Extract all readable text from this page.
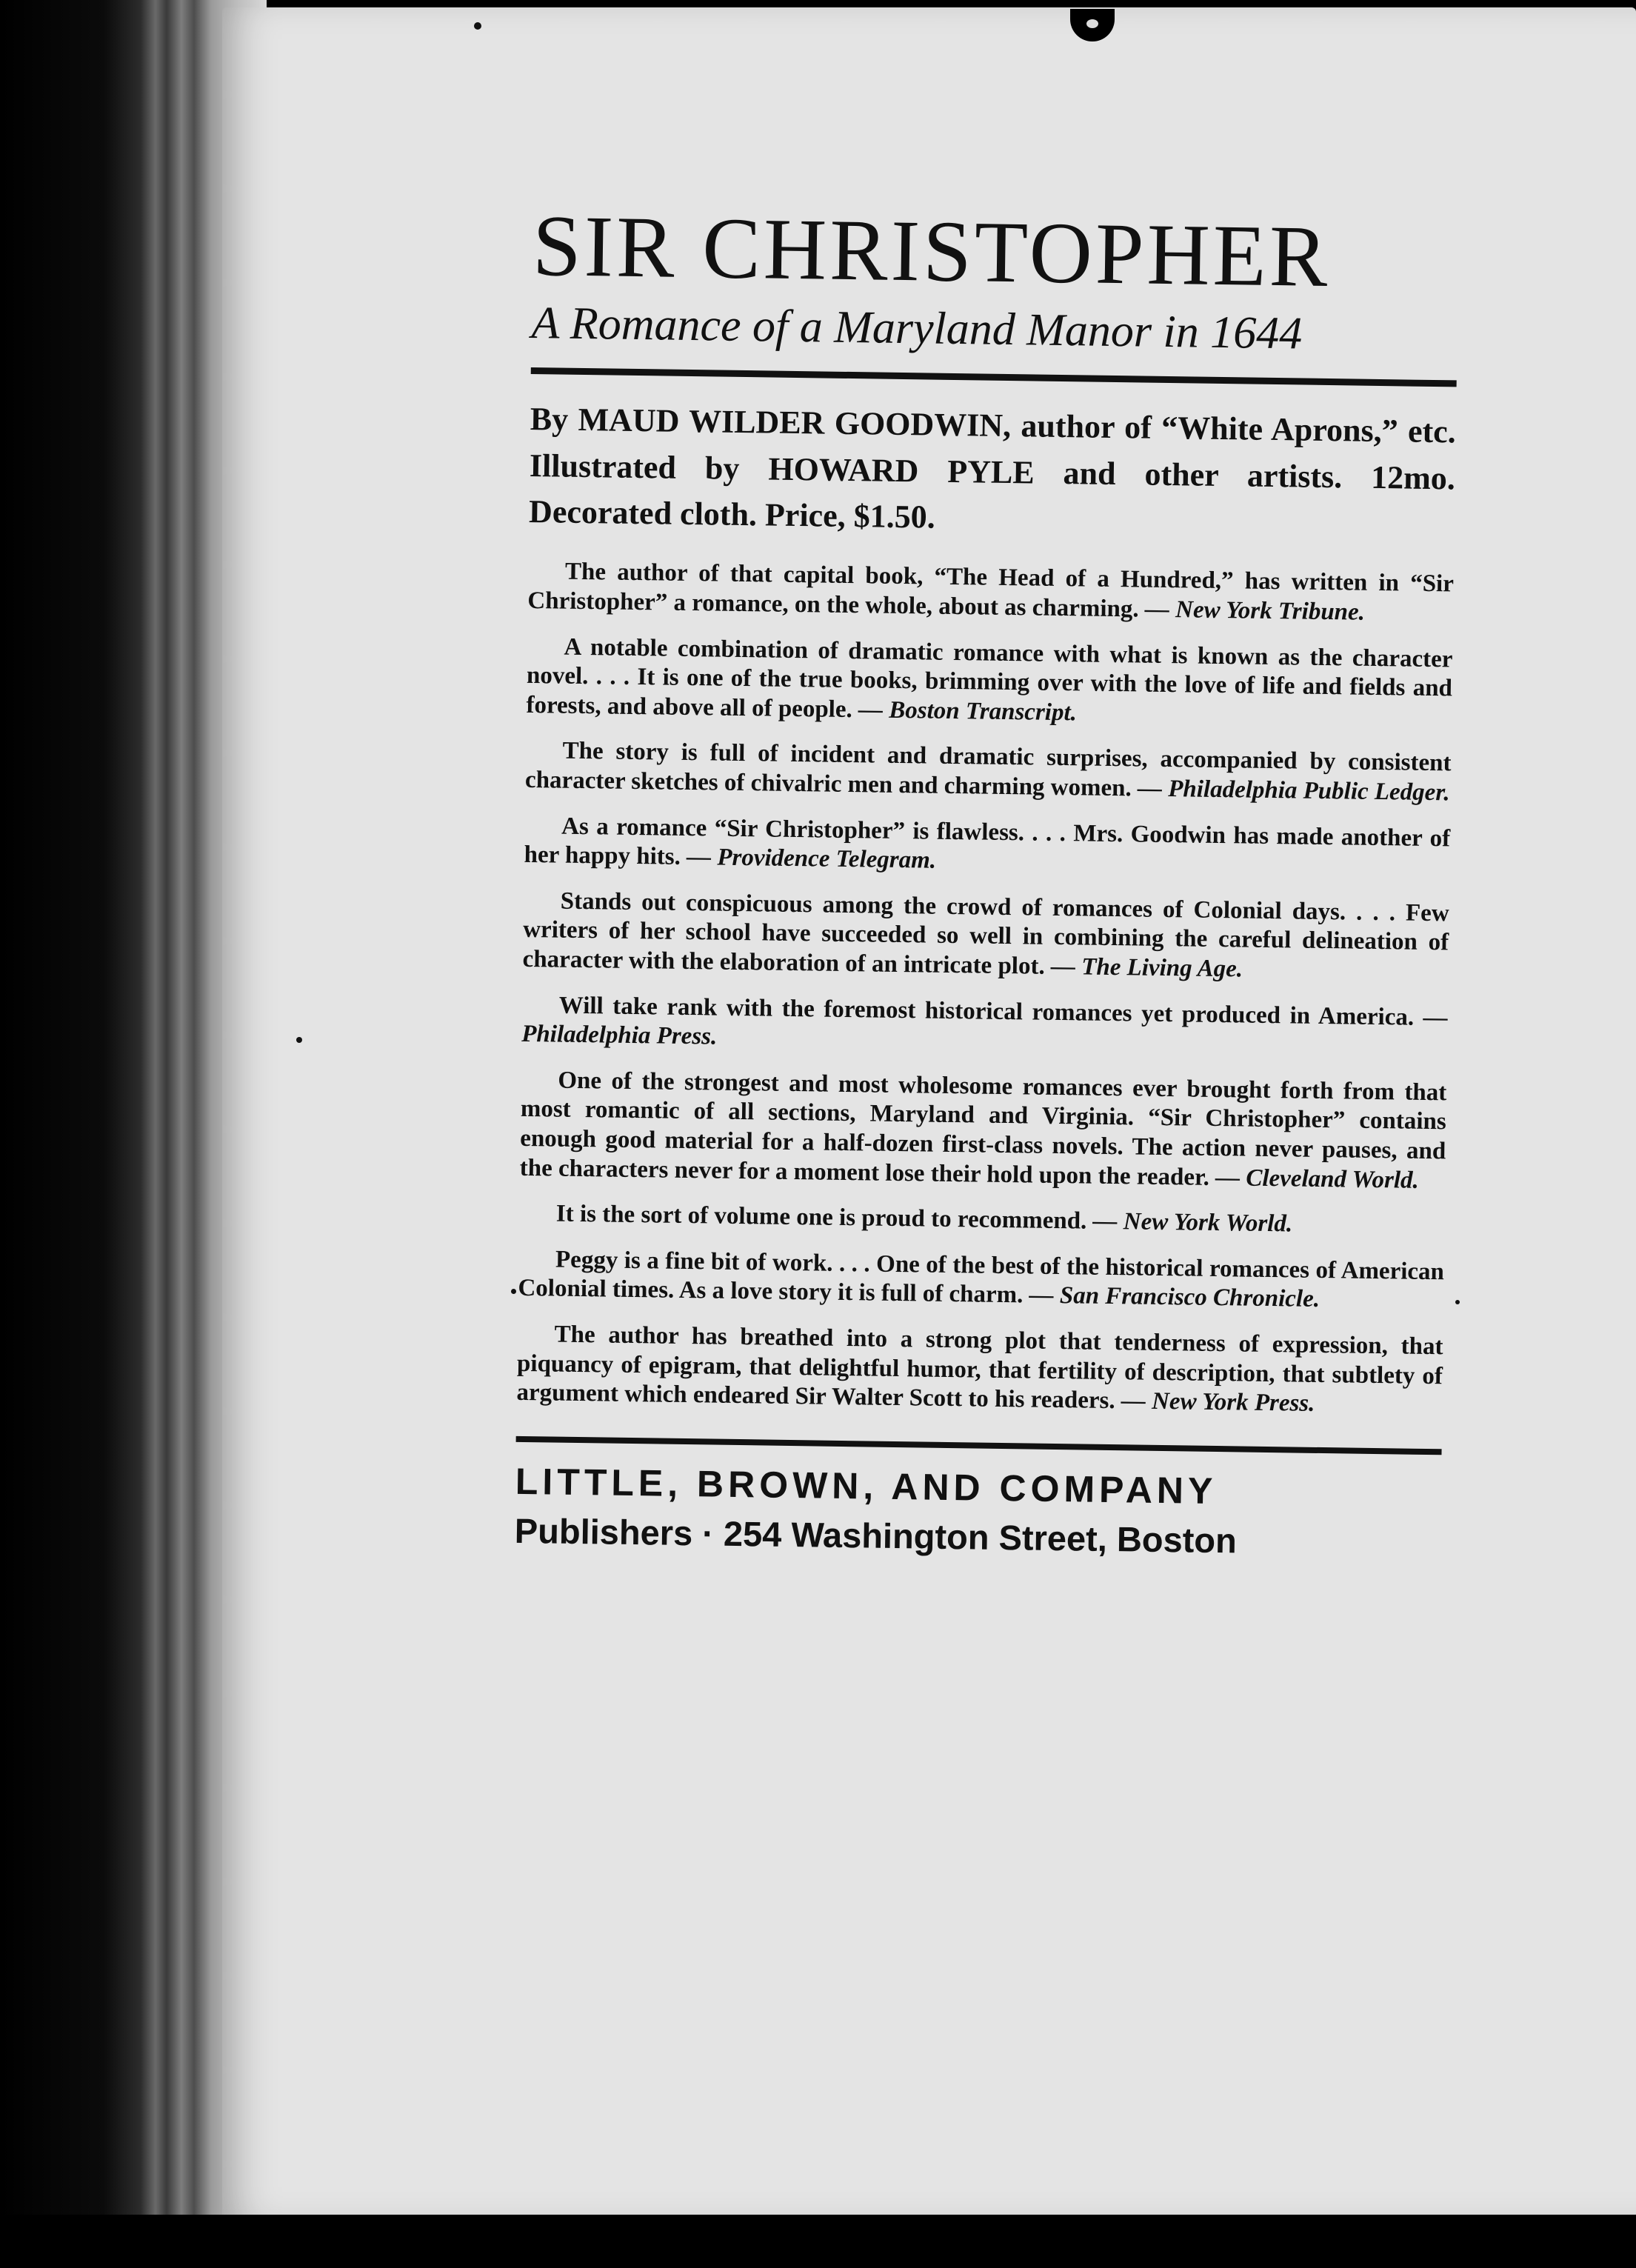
SIR CHRISTOPHER

A Romance of a Maryland Manor in 1644

By MAUD WILDER GOODWIN, author of “White Aprons,” etc. Illustrated by HOWARD PYLE and other artists. 12mo. Decorated cloth. Price, $1.50.

The author of that capital book, “The Head of a Hundred,” has written in “Sir Christopher” a romance, on the whole, about as charming. — New York Tribune.

A notable combination of dramatic romance with what is known as the character novel. . . . It is one of the true books, brimming over with the love of life and fields and forests, and above all of people. — Boston Transcript.

The story is full of incident and dramatic surprises, accompanied by consistent character sketches of chivalric men and charming women. — Philadelphia Public Ledger.

As a romance “Sir Christopher” is flawless. . . . Mrs. Goodwin has made another of her happy hits. — Providence Telegram.

Stands out conspicuous among the crowd of romances of Colonial days. . . . Few writers of her school have succeeded so well in combining the careful delineation of character with the elaboration of an intricate plot. — The Living Age.

Will take rank with the foremost historical romances yet produced in America. — Philadelphia Press.

One of the strongest and most wholesome romances ever brought forth from that most romantic of all sections, Maryland and Virginia. “Sir Christopher” contains enough good material for a half-dozen first-class novels. The action never pauses, and the characters never for a moment lose their hold upon the reader. — Cleveland World.

It is the sort of volume one is proud to recommend. — New York World.

Peggy is a fine bit of work. . . . One of the best of the historical romances of American Colonial times. As a love story it is full of charm. — San Francisco Chronicle.

The author has breathed into a strong plot that tenderness of expression, that piquancy of epigram, that delightful humor, that fertility of description, that subtlety of argument which endeared Sir Walter Scott to his readers. — New York Press.

LITTLE, BROWN, AND COMPANY

Publishers · 254 Washington Street, Boston
